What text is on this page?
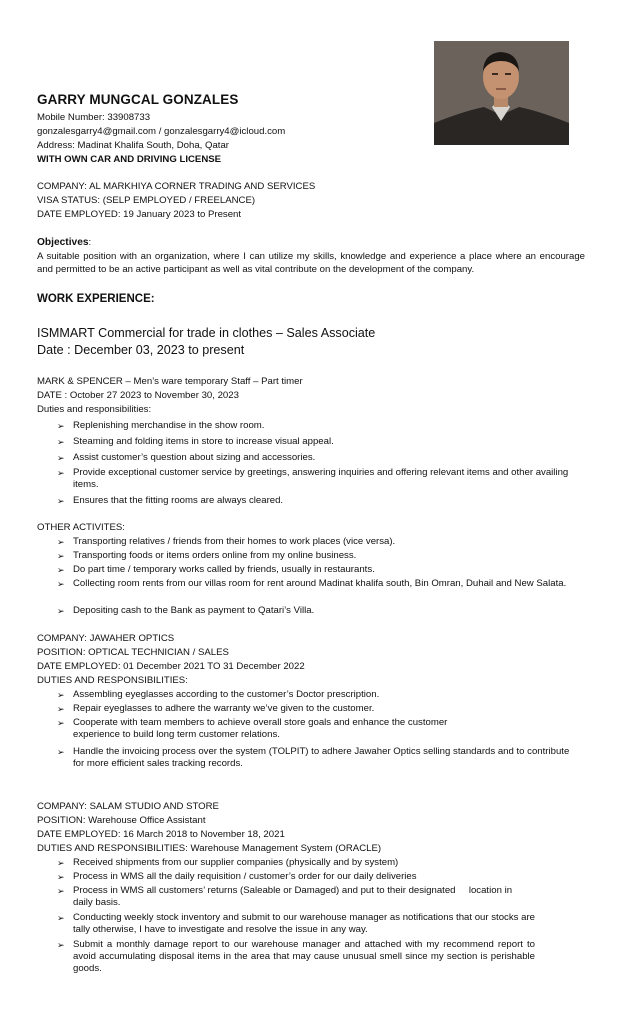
GARRY MUNGCAL GONZALES
Mobile Number: 33908733
gonzalesgarry4@gmail.com / gonzalesgarry4@icloud.com
Address: Madinat Khalifa South, Doha, Qatar
WITH OWN CAR AND DRIVING LICENSE
COMPANY: AL MARKHIYA CORNER TRADING AND SERVICES
VISA STATUS: (SELP EMPLOYED / FREELANCE)
DATE EMPLOYED: 19 January 2023 to Present
Objectives:
A suitable position with an organization, where I can utilize my skills, knowledge and experience a place where an encourage and permitted to be an active participant as well as vital contribute on the development of the company.
WORK EXPERIENCE:
ISMMART Commercial for trade in clothes – Sales Associate
Date : December 03, 2023 to present
MARK & SPENCER – Men’s ware temporary Staff – Part timer
DATE : October 27 2023 to November 30, 2023
Duties and responsibilities:
➢ Replenishing merchandise in the show room.
➢ Steaming and folding items in store to increase visual appeal.
➢ Assist customer’s question about sizing and accessories.
➢ Provide exceptional customer service by greetings, answering inquiries and offering relevant items and other availing items.
➢ Ensures that the fitting rooms are always cleared.
OTHER ACTIVITES:
➢ Transporting relatives / friends from their homes to work places (vice versa).
➢ Transporting foods or items orders online from my online business.
➢ Do part time / temporary works called by friends, usually in restaurants.
➢ Collecting room rents from our villas room for rent around Madinat khalifa south, Bin Omran, Duhail and New Salata.
➢ Depositing cash to the Bank as payment to Qatari’s Villa.
COMPANY: JAWAHER OPTICS
POSITION: OPTICAL TECHNICIAN / SALES
DATE EMPLOYED: 01 December 2021 TO 31 December 2022
DUTIES AND RESPONSIBILITIES:
➢ Assembling eyeglasses according to the customer’s Doctor prescription.
➢ Repair eyeglasses to adhere the warranty we’ve given to the customer.
➢ Cooperate with team members to achieve overall store goals and enhance the customer experience to build long term customer relations.
➢ Handle the invoicing process over the system (TOLPIT) to adhere Jawaher Optics selling standards and to contribute for more efficient sales tracking records.
COMPANY: SALAM STUDIO AND STORE
POSITION: Warehouse Office Assistant
DATE EMPLOYED: 16 March 2018 to November 18, 2021
DUTIES AND RESPONSIBILITIES: Warehouse Management System (ORACLE)
➢ Received shipments from our supplier companies (physically and by system)
➢ Process in WMS all the daily requisition / customer’s order for our daily deliveries
➢ Process in WMS all customers’ returns (Saleable or Damaged) and put to their designated     location in daily basis.
➢ Conducting weekly stock inventory and submit to our warehouse manager as notifications that our stocks are tally otherwise, I have to investigate and resolve the issue in any way.
➢ Submit a monthly damage report to our warehouse manager and attached with my recommend report to avoid accumulating disposal items in the area that may cause unusual smell since my section is perishable goods.
